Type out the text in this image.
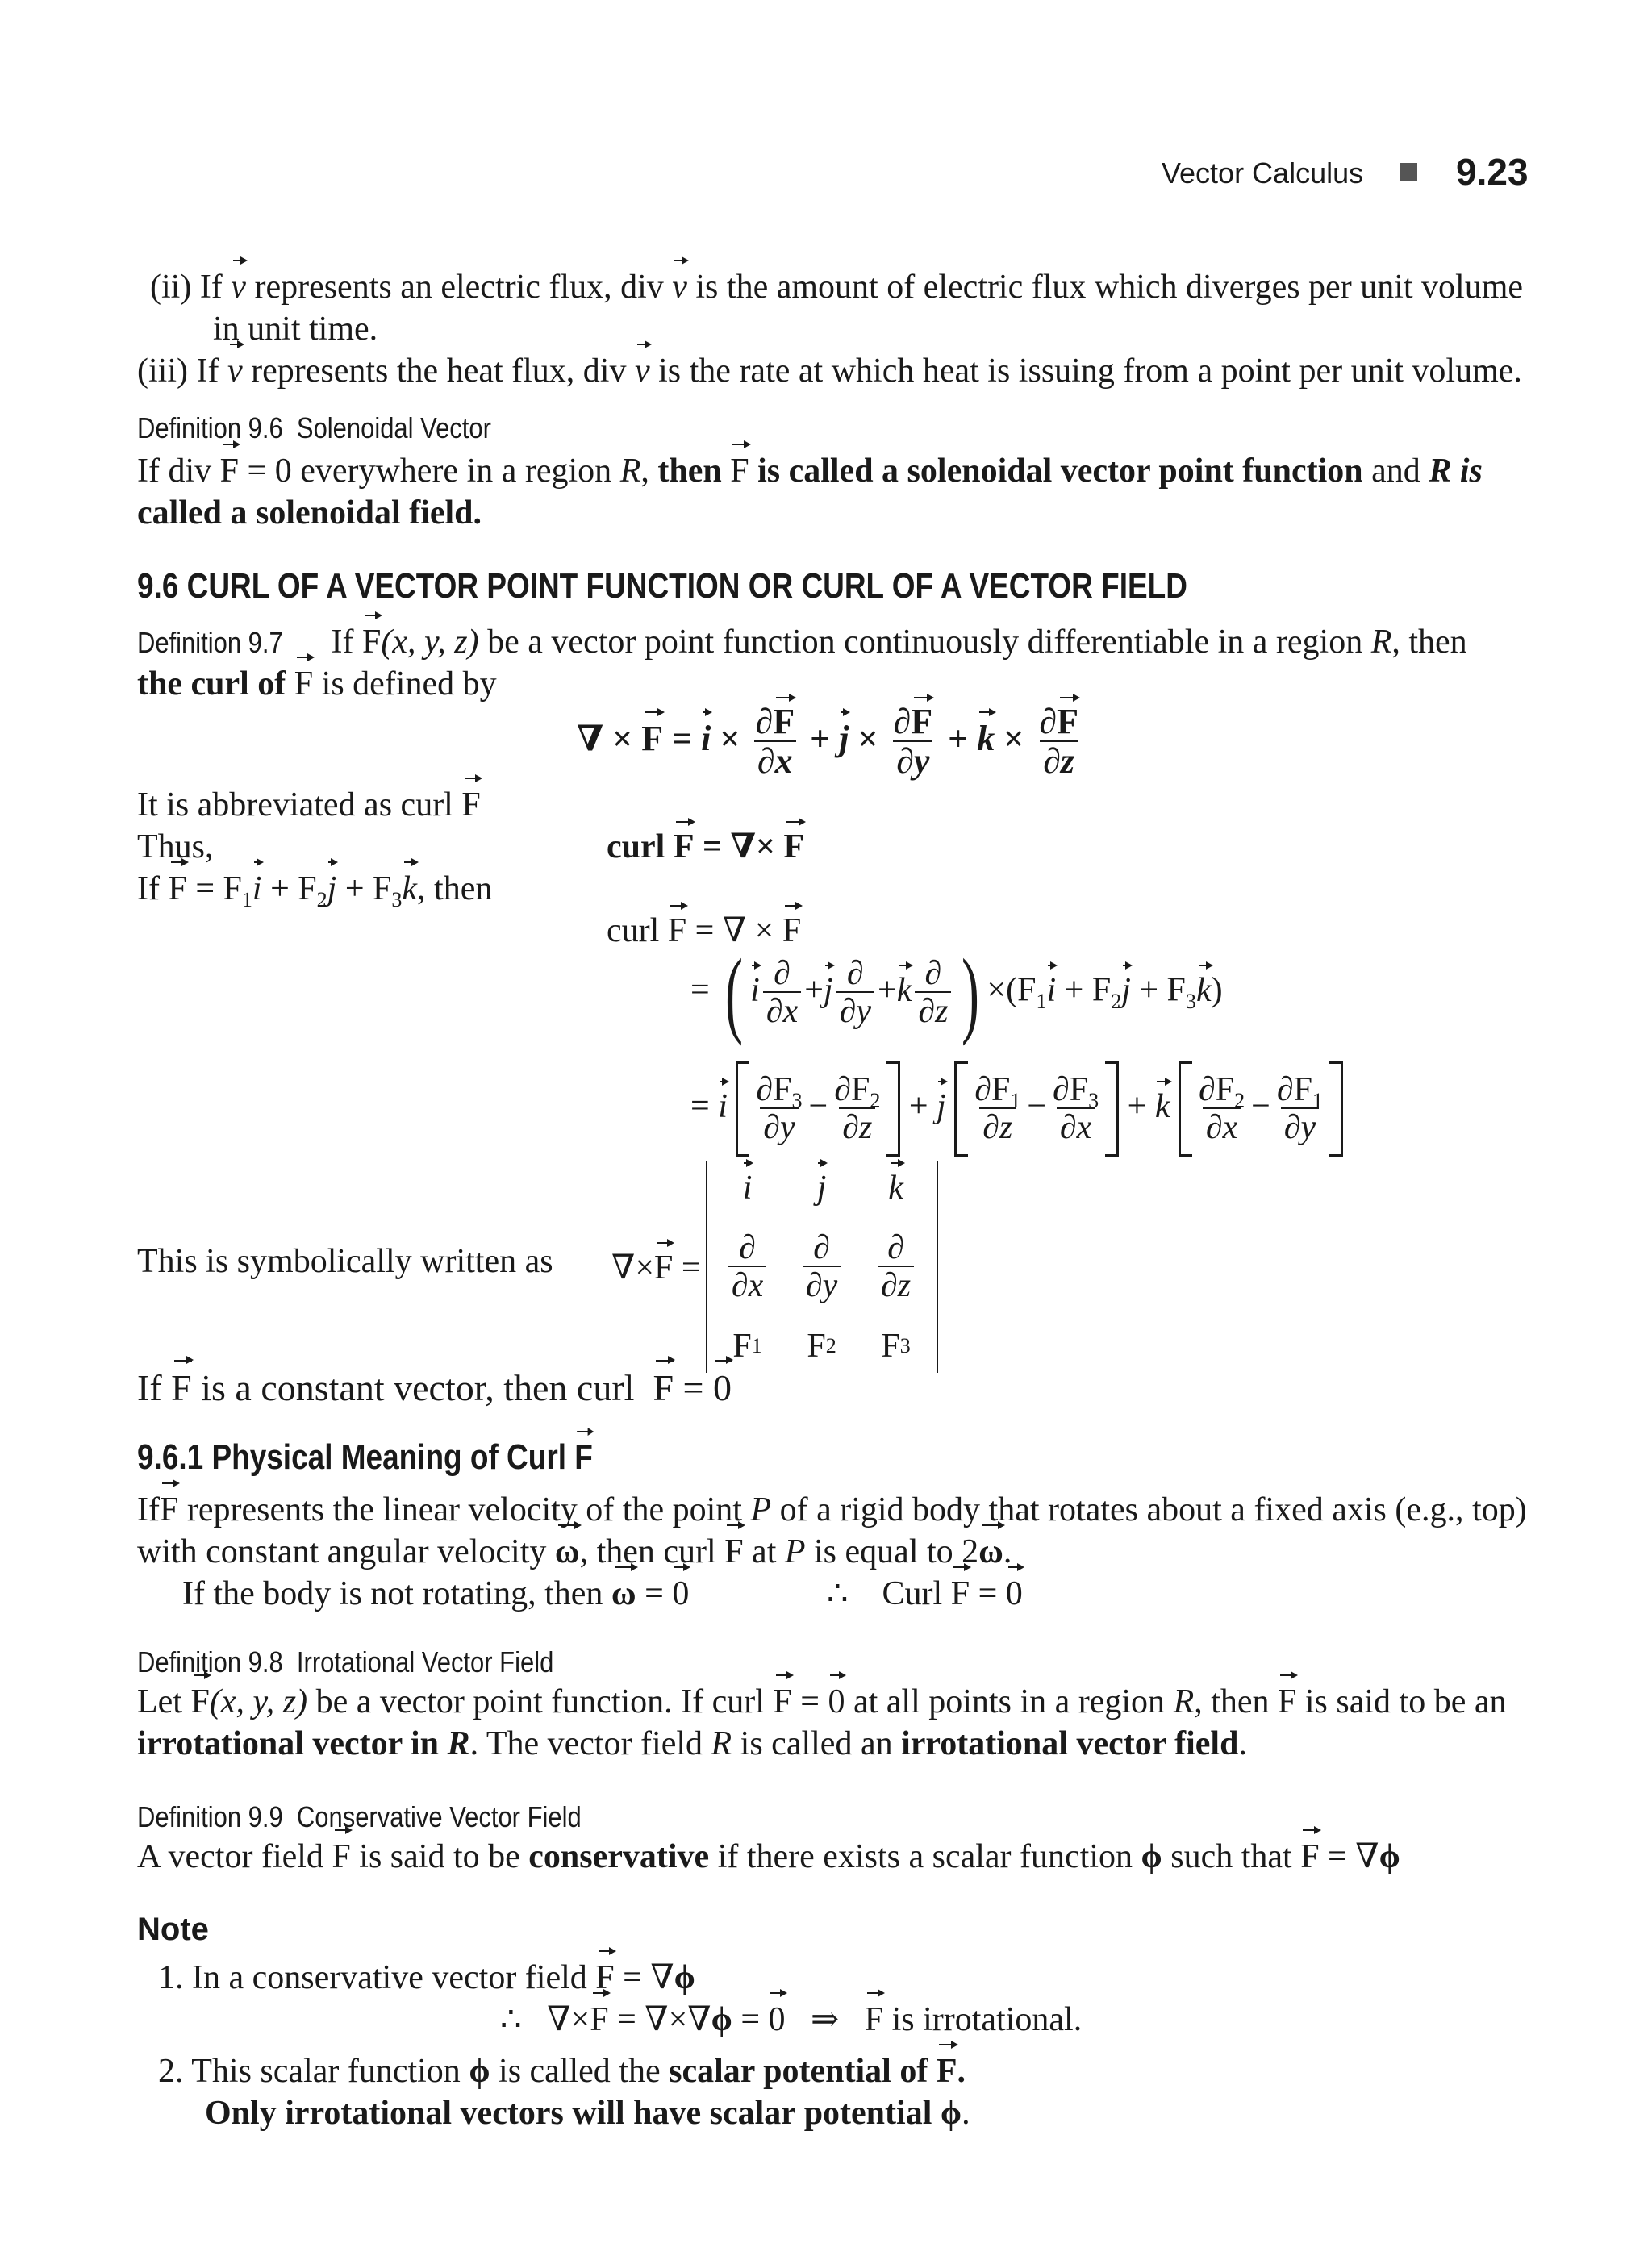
Vector Calculus 9.23
(ii) If v represents an electric flux, div v is the amount of electric flux which diverges per unit volume
in unit time.
(iii) If v represents the heat flux, div v is the rate at which heat is issuing from a point per unit volume.
Definition 9.6 Solenoidal Vector
If div F = 0 everywhere in a region R, then F is called a solenoidal vector point function and R is
called a solenoidal field.
9.6 CURL OF A VECTOR POINT FUNCTION OR CURL OF A VECTOR FIELD
Definition 9.7 If F(x, y, z) be a vector point function continuously differentiable in a region R, then
the curl of F is defined by
∇ × $F = i \times \frac{\partial F}{\partial x} + j \times \frac{\partial F}{\partial y} + k \times \frac{\partial F}{\partial z}$
It is abbreviated as curl F
Thus,	curl F = ∇× F
If $F = F_1i + F_2j + F_3k$, then
curl F = ∇ × F
= ( i $\frac{\partial}{\partial x} +j \frac{\partial}{\partial y} +k \frac{\partial}{\partial z}$ ) $\times(F_1i + F_2j + F_3k)$
= i $\frac{\partial F_3}{\partial y} - \frac{\partial F_2}{\partial z} + j \frac{\partial F_1}{\partial z} - \frac{\partial F_3}{\partial x} + k \frac{\partial F_2}{\partial x} - \frac{\partial F_1}{\partial y}$
This is symbolically written as ∇×F =
i j k
$\frac{\partial}{\partial x} \frac{\partial}{\partial y} \frac{\partial}{\partial z}$
F 1	F 2	F 3
If F is a constant vector, then curl F = 0
9.6.1 Physical Meaning of Curl F
IfF represents the linear velocity of the point P of a rigid body that rotates about a fixed axis (e.g., top)
with constant angular velocity ω, then curl F at P is equal to 2ω.
If the body is not rotating, then ω = 0	∴    Curl F = 0
Definition 9.8 Irrotational Vector Field
Let F(x, y, z) be a vector point function. If curl F = 0 at all points in a region R, then F is said to be an
irrotational vector in R. The vector field R is called an irrotational vector field.
Definition 9.9 Conservative Vector Field
A vector field F is said to be conservative if there exists a scalar function ϕ such that F = ∇ϕ
Note
1. In a conservative vector field F = ∇ϕ
∴   ∇×F = ∇×∇ϕ = 0   ⇒   F is irrotational.
2. This scalar function ϕ is called the scalar potential of F.
Only irrotational vectors will have scalar potential ϕ.
